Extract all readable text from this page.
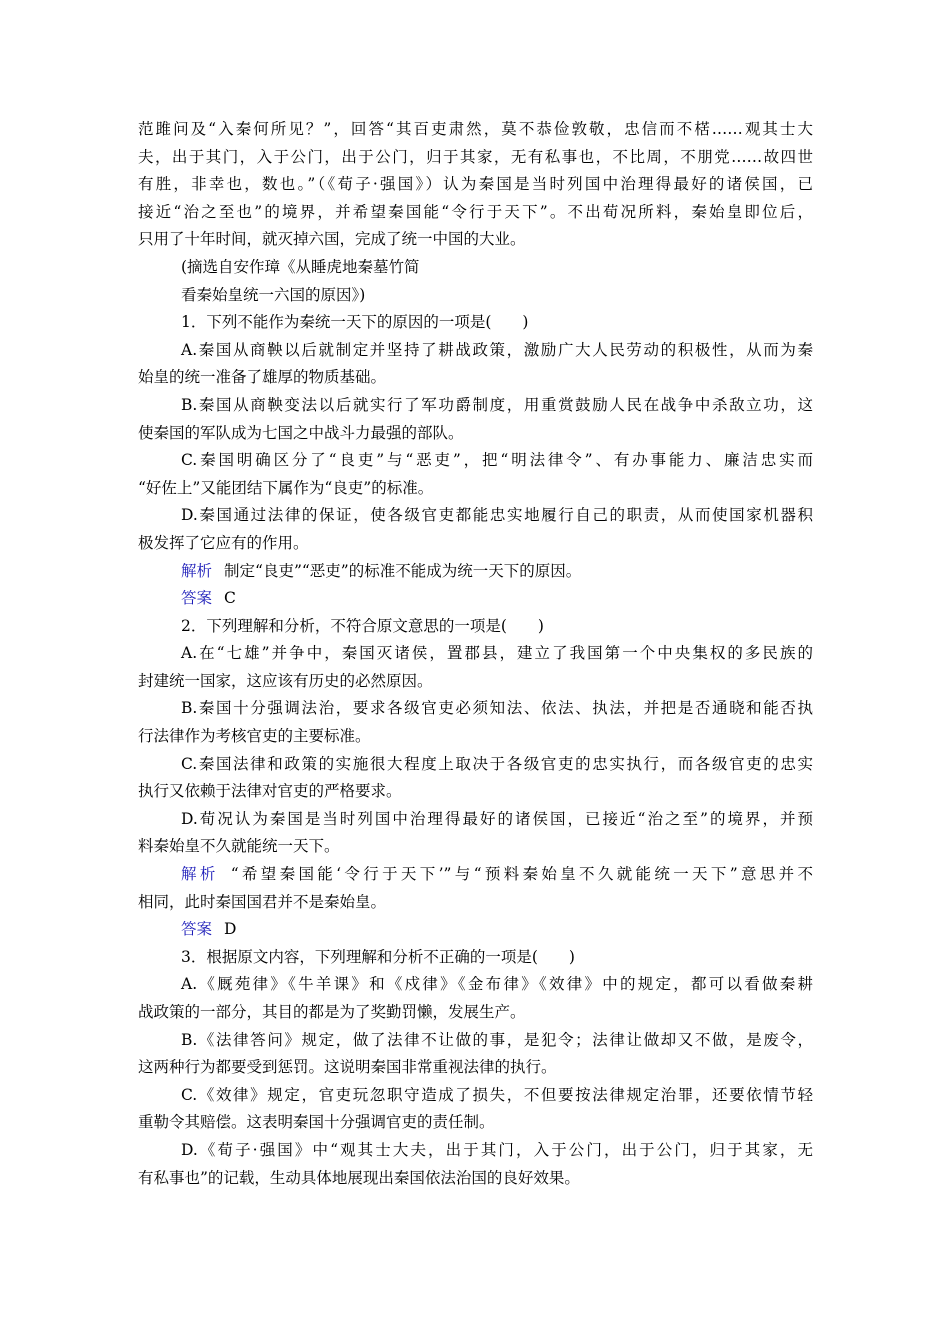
范雎问及“入秦何所见？”，回答“其百吏肃然，莫不恭俭敦敬，忠信而不楛……观其士大
夫，出于其门，入于公门，出于公门，归于其家，无有私事也，不比周，不朋党……故四世
有胜，非幸也，数也。”（《荀子·强国》）认为秦国是当时列国中治理得最好的诸侯国，已
接近“治之至也”的境界，并希望秦国能“令行于天下”。不出荀况所料，秦始皇即位后，
只用了十年时间，就灭掉六国，完成了统一中国的大业。
(摘选自安作璋《从睡虎地秦墓竹简
看秦始皇统一六国的原因》)
1．下列不能作为秦统一天下的原因的一项是(　　)
A.秦国从商鞅以后就制定并坚持了耕战政策，激励广大人民劳动的积极性，从而为秦
始皇的统一准备了雄厚的物质基础。
B.秦国从商鞅变法以后就实行了军功爵制度，用重赏鼓励人民在战争中杀敌立功，这
使秦国的军队成为七国之中战斗力最强的部队。
C.秦国明确区分了“良吏”与“恶吏”，把“明法律令”、有办事能力、廉洁忠实而
“好佐上”又能团结下属作为“良吏”的标准。
D.秦国通过法律的保证，使各级官吏都能忠实地履行自己的职责，从而使国家机器积
极发挥了它应有的作用。
解析 制定“良吏”“恶吏”的标准不能成为统一天下的原因。
答案 C
2．下列理解和分析，不符合原文意思的一项是(　　)
A.在“七雄”并争中，秦国灭诸侯，置郡县，建立了我国第一个中央集权的多民族的
封建统一国家，这应该有历史的必然原因。
B.秦国十分强调法治，要求各级官吏必须知法、依法、执法，并把是否通晓和能否执
行法律作为考核官吏的主要标准。
C.秦国法律和政策的实施很大程度上取决于各级官吏的忠实执行，而各级官吏的忠实
执行又依赖于法律对官吏的严格要求。
D.荀况认为秦国是当时列国中治理得最好的诸侯国，已接近“治之至”的境界，并预
料秦始皇不久就能统一天下。
解析 “希望秦国能‘令行于天下’”与“预料秦始皇不久就能统一天下”意思并不
相同，此时秦国国君并不是秦始皇。
答案 D
3．根据原文内容，下列理解和分析不正确的一项是(　　)
A.《厩苑律》《牛羊课》和《戍律》《金布律》《效律》中的规定，都可以看做秦耕
战政策的一部分，其目的都是为了奖勤罚懒，发展生产。
B.《法律答问》规定，做了法律不让做的事，是犯令；法律让做却又不做，是废令，
这两种行为都要受到惩罚。这说明秦国非常重视法律的执行。
C.《效律》规定，官吏玩忽职守造成了损失，不但要按法律规定治罪，还要依情节轻
重勒令其赔偿。这表明秦国十分强调官吏的责任制。
D.《荀子·强国》中“观其士大夫，出于其门，入于公门，出于公门，归于其家，无
有私事也”的记载，生动具体地展现出秦国依法治国的良好效果。
